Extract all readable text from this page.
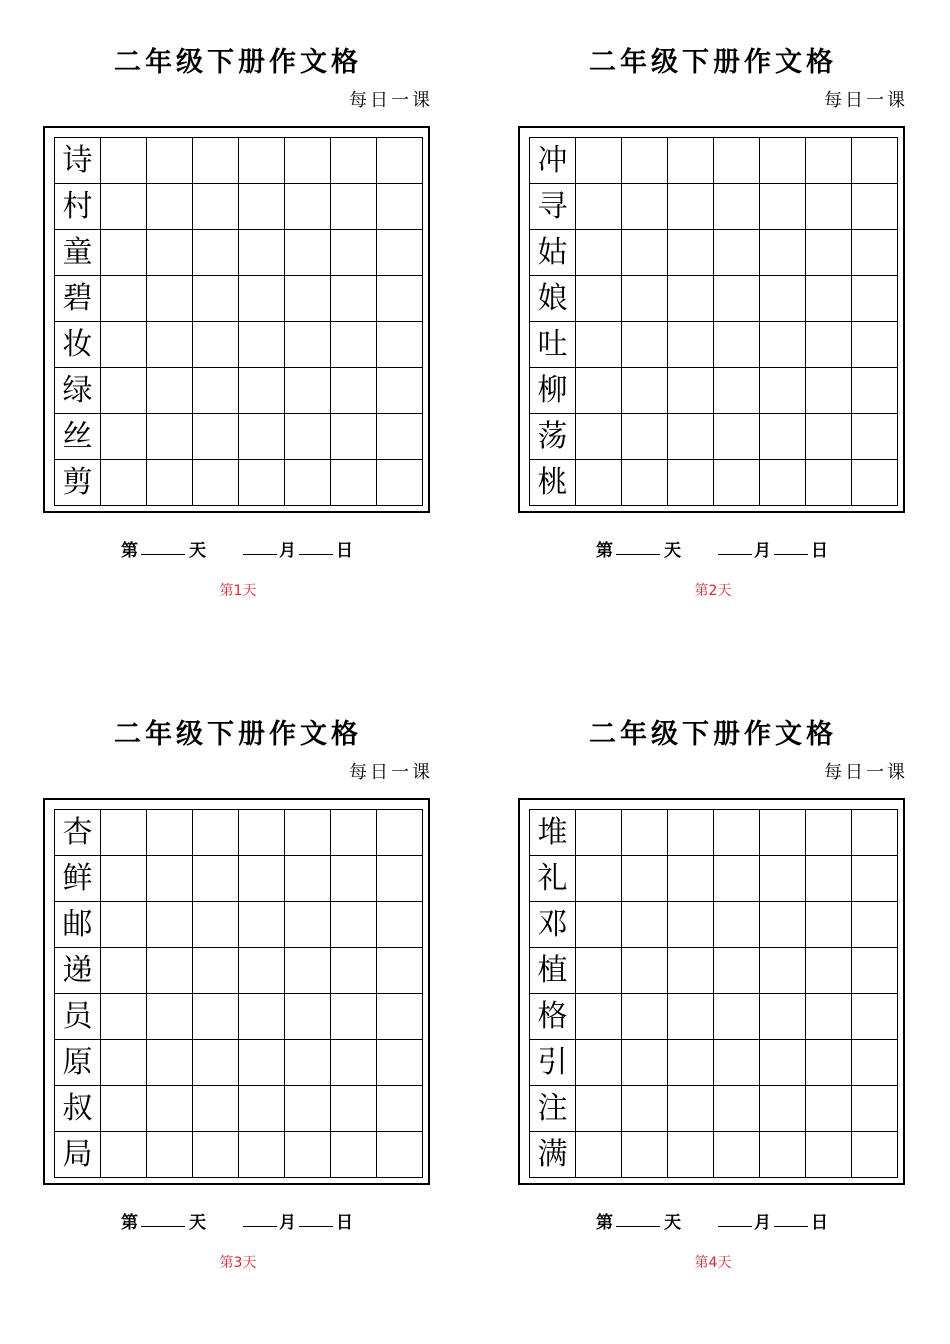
二年级下册作文格
每日一课
诗
村
童
碧
妆
绿
丝
剪
第	天	月 日
第1天
二年级下册作文格
每日一课
冲
寻
姑
娘
吐
柳
荡
桃
第	天	月 日
第2天
二年级下册作文格
每日一课
杏
鲜
邮
递
员
原
叔
局
第	天	月 日
第3天
二年级下册作文格
每日一课
堆
礼
邓
植
格
引
注
满
第	天	月 日
第4天
